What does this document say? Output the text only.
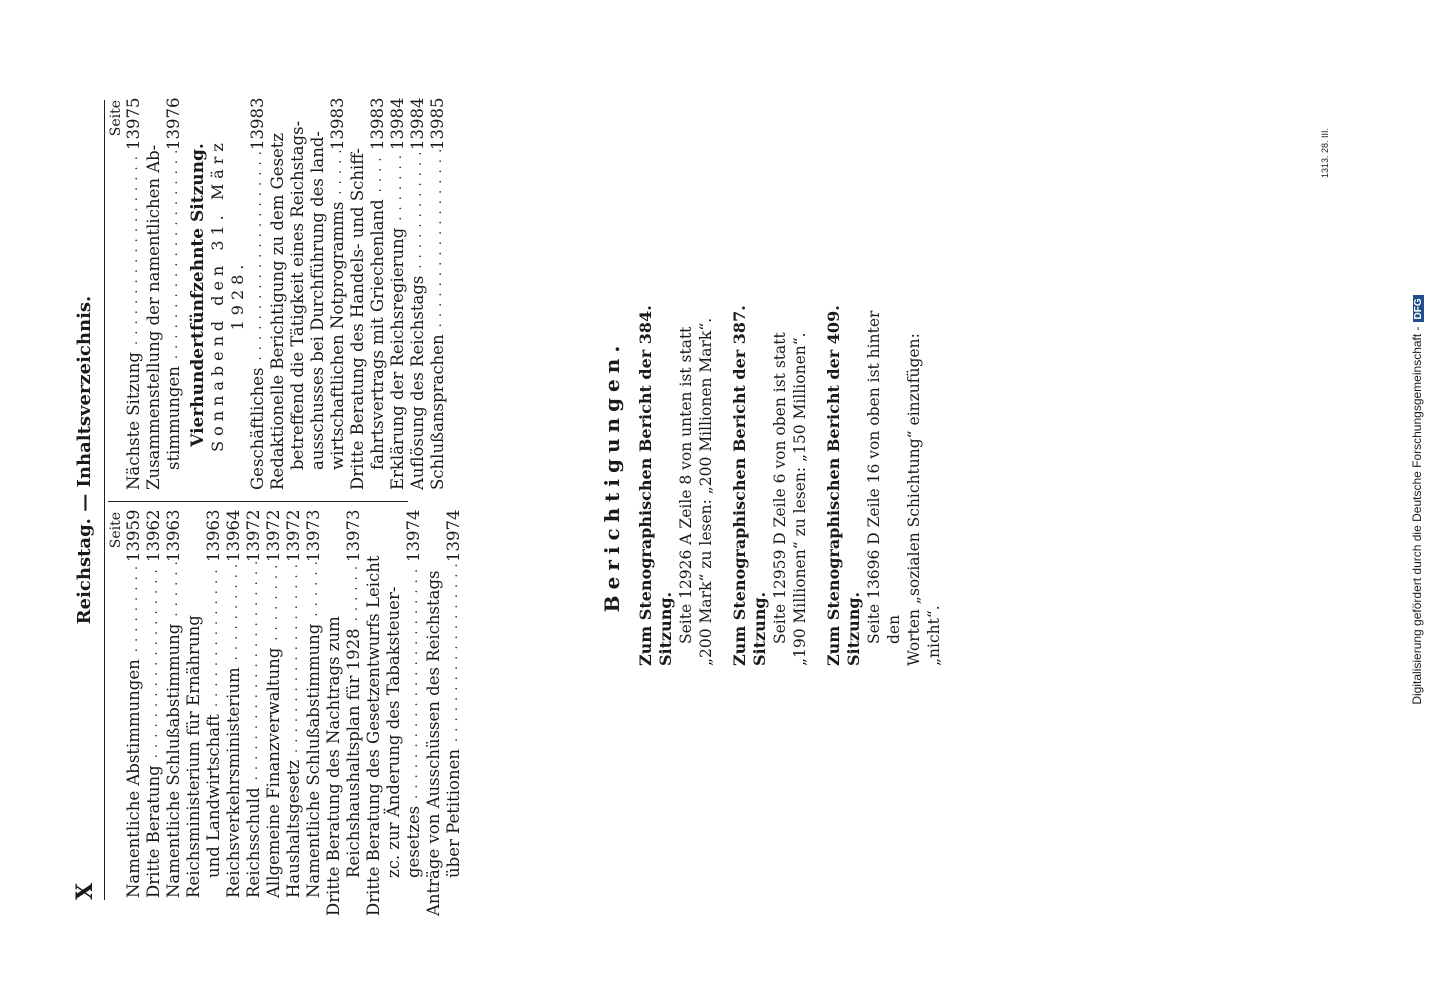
X
Reichstag. — Inhaltsverzeichnis. Seite
Namentliche Abstimmungen . . .
13959
Dritte Beratung . . .
13962
Namentliche Schlußabstimmung . . .
13963
Reichsministerium für Ernährung und Landwirtschaft . . .
13963
Reichsverkehrsministerium . . .
13964
Reichsschuld . . .
13972
Allgemeine Finanzverwaltung . . .
13972
Haushaltsgesetz . . .
13972
Namentliche Schlußabstimmung . . .
13973
Dritte Beratung des Nachtrags zum Reichshaushaltsplan für 1928 . . .
13973
Dritte Beratung des Gesetzentwurfs Leicht zc. zur Änderung des Tabaksteuer- gesetzes . . .
13974
Anträge von Ausschüssen des Reichstags über Petitionen . . .
13974
Seite
Nächste Sitzung . . .
13975
Zusammenstellung der namentlichen Ab- stimmungen . . .
13976
Vierhundertfünfzehnte Sitzung. Sonnabend den 31. März 1928.
Geschäftliches . . .
13983
Redaktionelle Berichtigung zu dem Gesetz betreffend die Tätigkeit eines Reichstags- ausschusses bei Durchführung des land- wirtschaftlichen Notprogramms . . .
13983
Dritte Beratung des Handels- und Schiff- fahrtsvertrags mit Griechenland . . .
13983
Erklärung der Reichsregierung . . .
13984
Auflösung des Reichstags . . .
13984
Schlußansprachen . . .
13985
Berichtigungen. Zum Stenographischen Bericht der 384. Sitzung. Seite 12926 A Zeile 8 von unten ist statt „200 Mark“ zu lesen: „200 Millionen Mark“. Zum Stenographischen Bericht der 387. Sitzung. Seite 12959 D Zeile 6 von oben ist statt „190 Millionen“ zu lesen: „150 Millionen“. Zum Stenographischen Bericht der 409. Sitzung. Seite 13696 D Zeile 16 von oben ist hinter den Worten „sozialen Schichtung“ einzufügen: „nicht“.
1313. 28. III.
Digitalisierung gefördert durch die Deutsche Forschungsgemeinschaft -DFG
